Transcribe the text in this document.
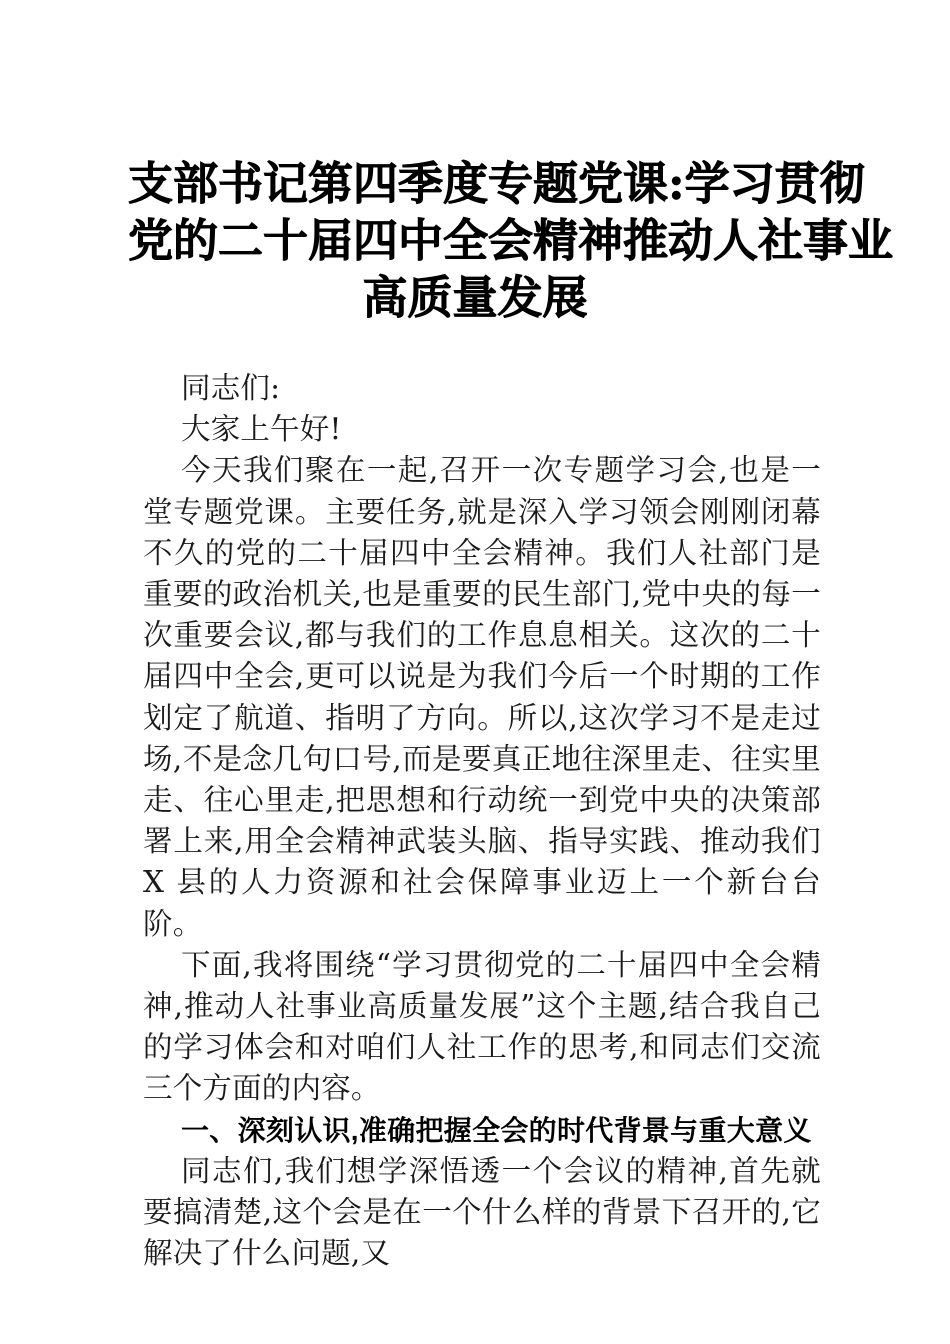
支部书记第四季度专题党课:学习贯彻
党的二十届四中全会精神推动人社事业
高质量发展

同志们:

大家上午好!

今天我们聚在一起,召开一次专题学习会,也是一堂专题党课。主要任务,就是深入学习领会刚刚闭幕不久的党的二十届四中全会精神。我们人社部门是重要的政治机关,也是重要的民生部门,党中央的每一次重要会议,都与我们的工作息息相关。这次的二十届四中全会,更可以说是为我们今后一个时期的工作划定了航道、指明了方向。所以,这次学习不是走过场,不是念几句口号,而是要真正地往深里走、往实里走、往心里走,把思想和行动统一到党中央的决策部署上来,用全会精神武装头脑、指导实践、推动我们 X 县的人力资源和社会保障事业迈上一个新台台阶。

下面,我将围绕“学习贯彻党的二十届四中全会精神,推动人社事业高质量发展”这个主题,结合我自己的学习体会和对咱们人社工作的思考,和同志们交流三个方面的内容。

一、深刻认识,准确把握全会的时代背景与重大意义

同志们,我们想学深悟透一个会议的精神,首先就要搞清楚,这个会是在一个什么样的背景下召开的,它解决了什么问题,又
